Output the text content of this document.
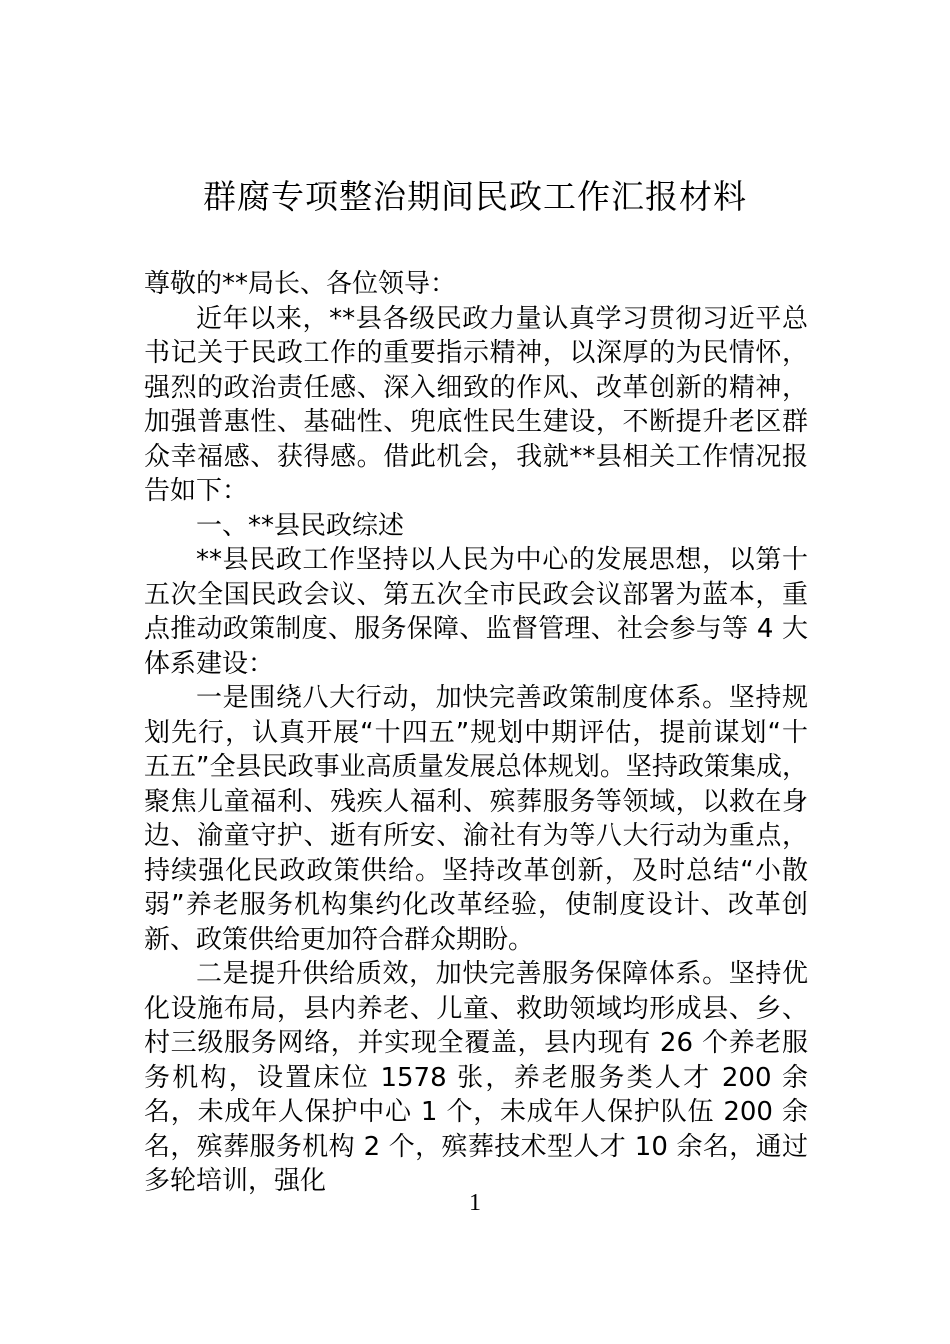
群腐专项整治期间民政工作汇报材料

尊敬的**局长、各位领导：

近年以来，**县各级民政力量认真学习贯彻习近平总书记关于民政工作的重要指示精神，以深厚的为民情怀，强烈的政治责任感、深入细致的作风、改革创新的精神，加强普惠性、基础性、兜底性民生建设，不断提升老区群众幸福感、获得感。借此机会，我就**县相关工作情况报告如下：

一、**县民政综述

**县民政工作坚持以人民为中心的发展思想，以第十五次全国民政会议、第五次全市民政会议部署为蓝本，重点推动政策制度、服务保障、监督管理、社会参与等 4 大体系建设：

一是围绕八大行动，加快完善政策制度体系。坚持规划先行，认真开展“十四五”规划中期评估，提前谋划“十五五”全县民政事业高质量发展总体规划。坚持政策集成，聚焦儿童福利、残疾人福利、殡葬服务等领域，以救在身边、渝童守护、逝有所安、渝社有为等八大行动为重点，持续强化民政政策供给。坚持改革创新，及时总结“小散弱”养老服务机构集约化改革经验，使制度设计、改革创新、政策供给更加符合群众期盼。

二是提升供给质效，加快完善服务保障体系。坚持优化设施布局，县内养老、儿童、救助领域均形成县、乡、村三级服务网络，并实现全覆盖，县内现有 26 个养老服务机构，设置床位 1578 张，养老服务类人才 200 余名，未成年人保护中心 1 个，未成年人保护队伍 200 余名，殡葬服务机构 2 个，殡葬技术型人才 10 余名，通过多轮培训，强化

1
